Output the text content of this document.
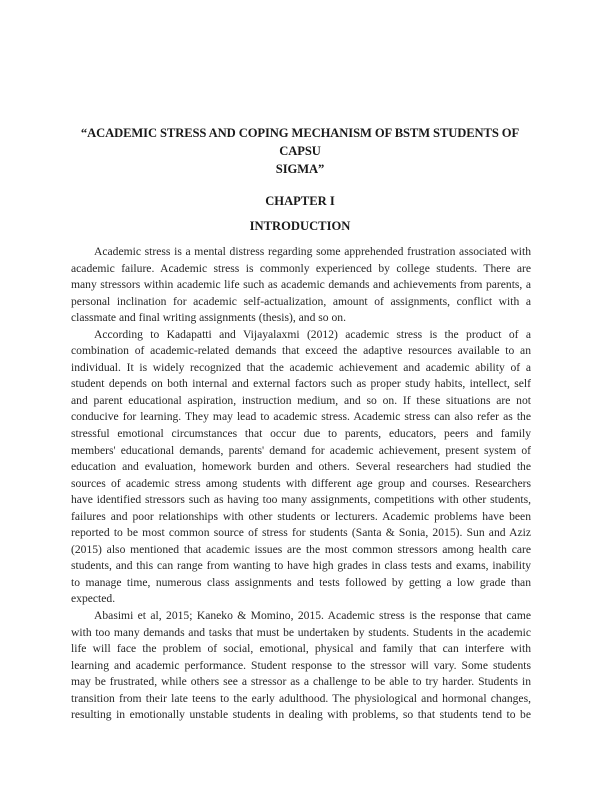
“ACADEMIC STRESS AND COPING MECHANISM OF BSTM STUDENTS OF CAPSU
SIGMA”
CHAPTER I
INTRODUCTION
Academic stress is a mental distress regarding some apprehended frustration associated with
academic failure. Academic stress is commonly experienced by college students. There are
many stressors within academic life such as academic demands and achievements from parents, a
personal inclination for academic self-actualization, amount of assignments, conflict with a
classmate and final writing assignments (thesis), and so on.
According to Kadapatti and Vijayalaxmi (2012) academic stress is the product of a
combination of academic-related demands that exceed the adaptive resources available to an
individual. It is widely recognized that the academic achievement and academic ability of a
student depends on both internal and external factors such as proper study habits, intellect, self
and parent educational aspiration, instruction medium, and so on. If these situations are not
conducive for learning. They may lead to academic stress. Academic stress can also refer as the
stressful emotional circumstances that occur due to parents, educators, peers and family
members' educational demands, parents' demand for academic achievement, present system of
education and evaluation, homework burden and others. Several researchers had studied the
sources of academic stress among students with different age group and courses. Researchers
have identified stressors such as having too many assignments, competitions with other students,
failures and poor relationships with other students or lecturers. Academic problems have been
reported to be most common source of stress for students (Santa & Sonia, 2015). Sun and Aziz
(2015) also mentioned that academic issues are the most common stressors among health care
students, and this can range from wanting to have high grades in class tests and exams, inability
to manage time, numerous class assignments and tests followed by getting a low grade than
expected.
Abasimi et al, 2015; Kaneko & Momino, 2015. Academic stress is the response that came
with too many demands and tasks that must be undertaken by students. Students in the academic
life will face the problem of social, emotional, physical and family that can interfere with
learning and academic performance. Student response to the stressor will vary. Some students
may be frustrated, while others see a stressor as a challenge to be able to try harder. Students in
transition from their late teens to the early adulthood. The physiological and hormonal changes,
resulting in emotionally unstable students in dealing with problems, so that students tend to be
